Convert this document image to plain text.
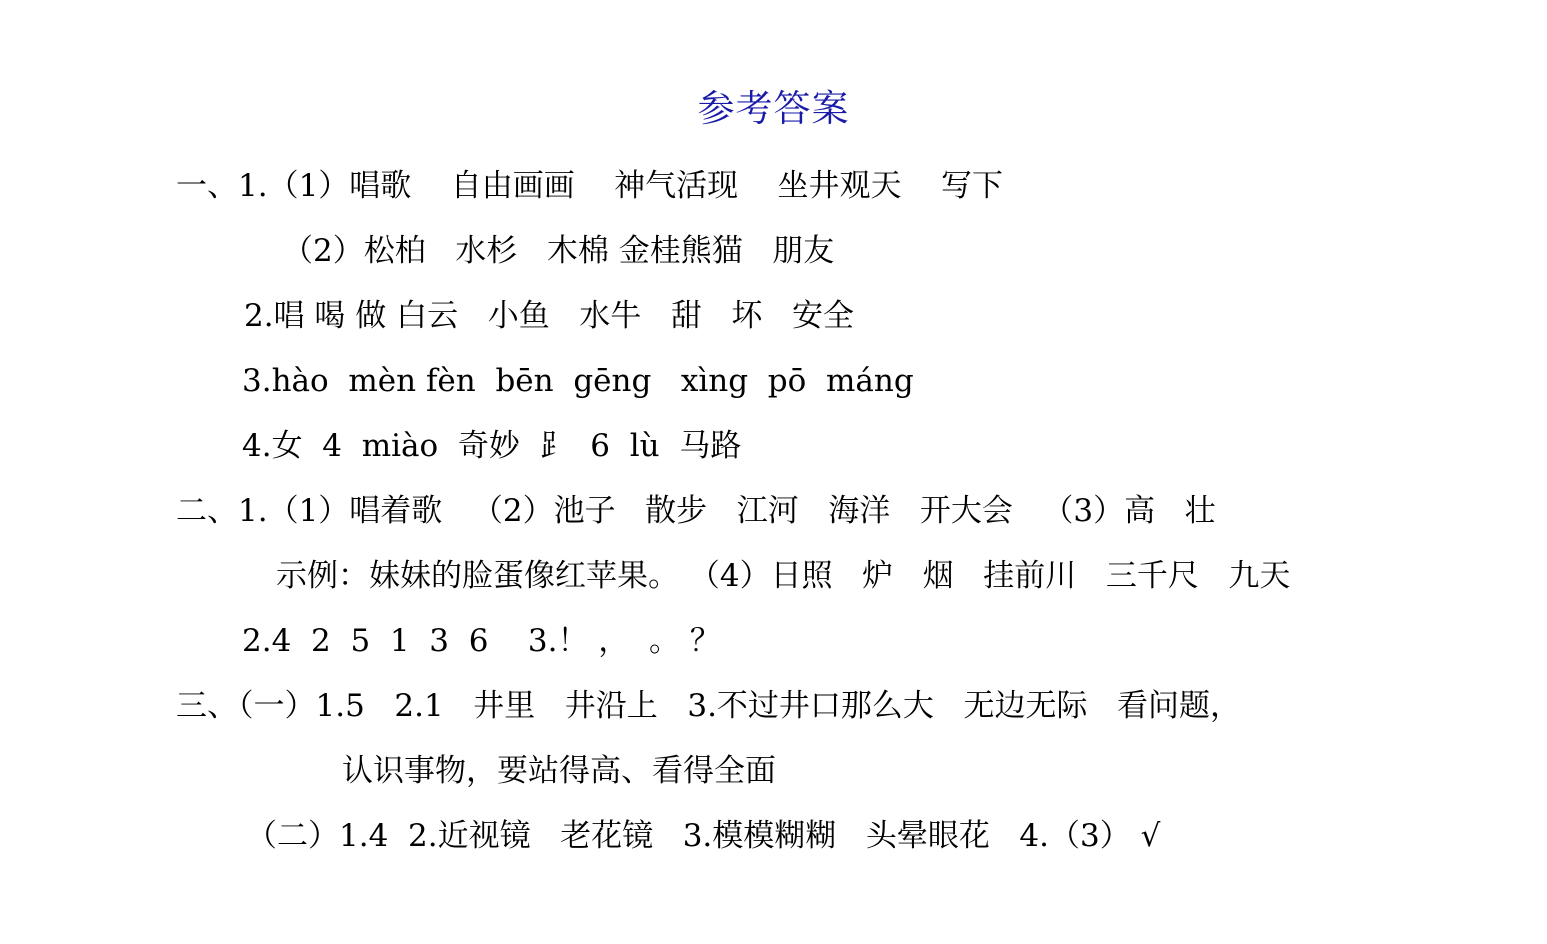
参考答案
一、1.（1）唱歌    自由画画    神气活现    坐井观天    写下
（2）松柏   水杉   木棉 金桂熊猫   朋友
2.唱 喝 做 白云   小鱼   水牛   甜   坏   安全
3.hào  mèn fèn  bēn  gēng   xìng  pō  máng
4.女  4  miào  奇妙  ⻊  6  lù  马路
二、1.（1）唱着歌   （2）池子   散步   江河   海洋   开大会   （3）高   壮
示例：妹妹的脸蛋像红苹果。 （4）日照   炉   烟   挂前川   三千尺   九天
2.4  2  5  1  3  6    3.！ ，  。 ？
三、（一）1.5   2.1   井里   井沿上   3.不过井口那么大   无边无际   看问题，
认识事物，要站得高、看得全面
（二）1.4  2.近视镜   老花镜   3.模模糊糊   头晕眼花   4.（3） √
